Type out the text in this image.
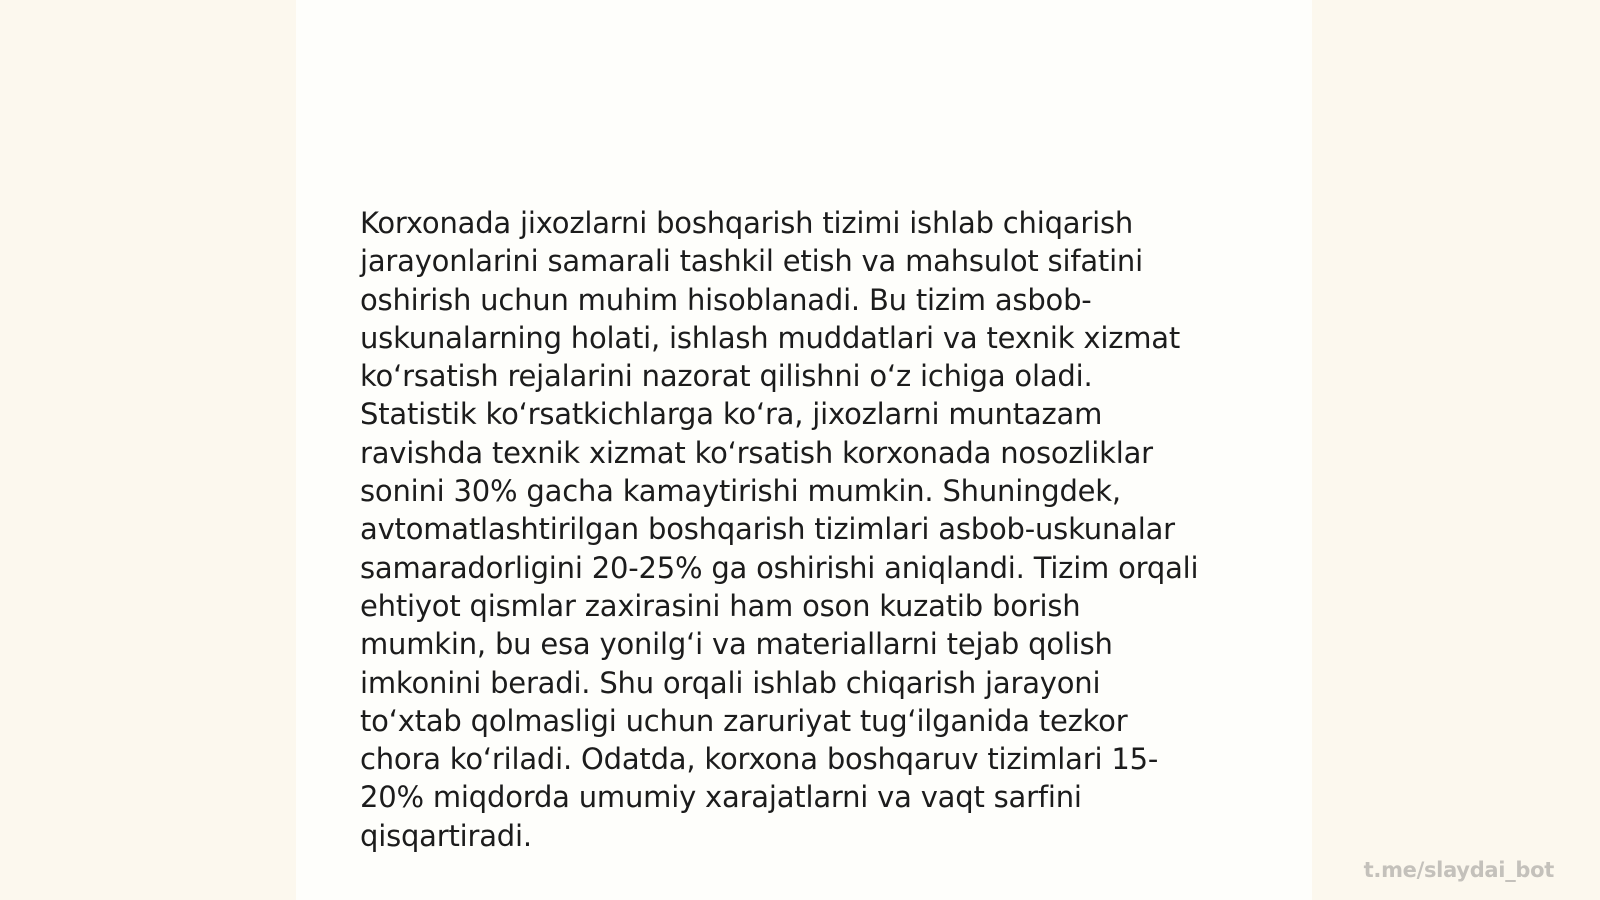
Korxonada jixozlarni boshqarish tizimi ishlab chiqarish
jarayonlarini samarali tashkil etish va mahsulot sifatini
oshirish uchun muhim hisoblanadi. Bu tizim asbob-
uskunalarning holati, ishlash muddatlari va texnik xizmat
koʻrsatish rejalarini nazorat qilishni oʻz ichiga oladi.
Statistik koʻrsatkichlarga koʻra, jixozlarni muntazam
ravishda texnik xizmat koʻrsatish korxonada nosozliklar
sonini 30% gacha kamaytirishi mumkin. Shuningdek,
avtomatlashtirilgan boshqarish tizimlari asbob-uskunalar
samaradorligini 20-25% ga oshirishi aniqlandi. Tizim orqali
ehtiyot qismlar zaxirasini ham oson kuzatib borish
mumkin, bu esa yonilgʻi va materiallarni tejab qolish
imkonini beradi. Shu orqali ishlab chiqarish jarayoni
toʻxtab qolmasligi uchun zaruriyat tugʻilganida tezkor
chora koʻriladi. Odatda, korxona boshqaruv tizimlari 15-
20% miqdorda umumiy xarajatlarni va vaqt sarfini
qisqartiradi.

t.me/slaydai_bot
